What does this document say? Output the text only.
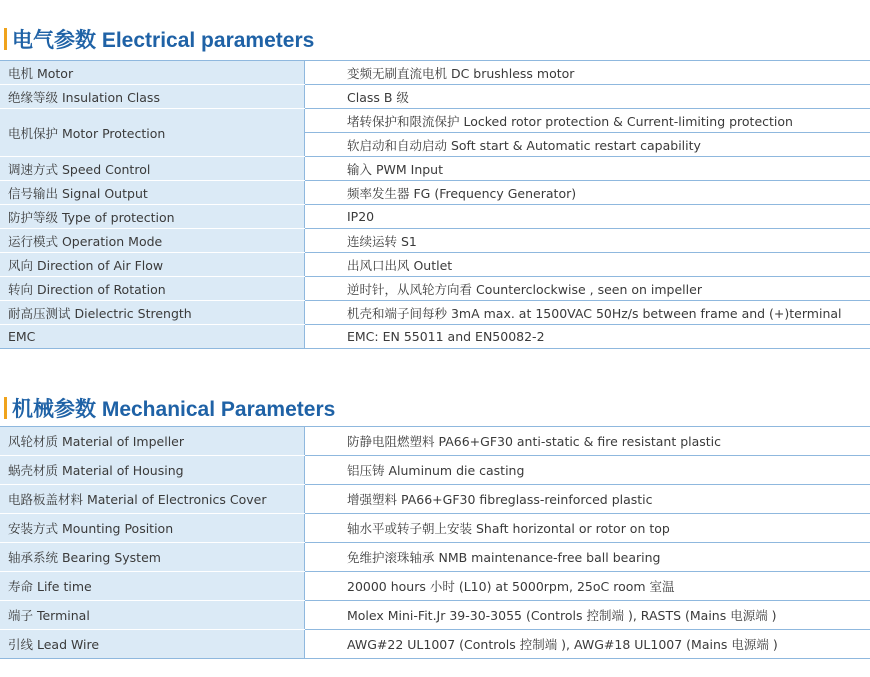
电气参数 Electrical parameters
电机 Motor	变频无刷直流电机 DC brushless motor
绝缘等级 Insulation Class	Class B 级
电机保护 Motor Protection	堵转保护和限流保护 Locked rotor protection & Current-limiting protection
	软启动和自动启动 Soft start & Automatic restart capability
调速方式 Speed Control	输入 PWM Input
信号输出 Signal Output	频率发生器 FG (Frequency Generator)
防护等级 Type of protection	IP20
运行模式 Operation Mode	连续运转 S1
风向 Direction of Air Flow	出风口出风 Outlet
转向 Direction of Rotation	逆时针，从风轮方向看 Counterclockwise , seen on impeller
耐高压测试 Dielectric Strength	机壳和端子间每秒 3mA max. at 1500VAC 50Hz/s between frame and (+)terminal
EMC	EMC: EN 55011 and EN50082-2
机械参数 Mechanical Parameters
风轮材质 Material of Impeller	防静电阻燃塑料 PA66+GF30 anti-static & fire resistant plastic
蜗壳材质 Material of Housing	铝压铸 Aluminum die casting
电路板盖材料 Material of Electronics Cover	增强塑料 PA66+GF30 fibreglass-reinforced plastic
安装方式 Mounting Position	轴水平或转子朝上安装 Shaft horizontal or rotor on top
轴承系统 Bearing System	免维护滚珠轴承 NMB maintenance-free ball bearing
寿命 Life time	20000 hours 小时 (L10) at 5000rpm, 25oC room 室温
端子 Terminal	Molex Mini-Fit.Jr 39-30-3055 (Controls 控制端 ), RASTS (Mains 电源端 )
引线 Lead Wire	AWG#22 UL1007 (Controls 控制端 ), AWG#18 UL1007 (Mains 电源端 )
